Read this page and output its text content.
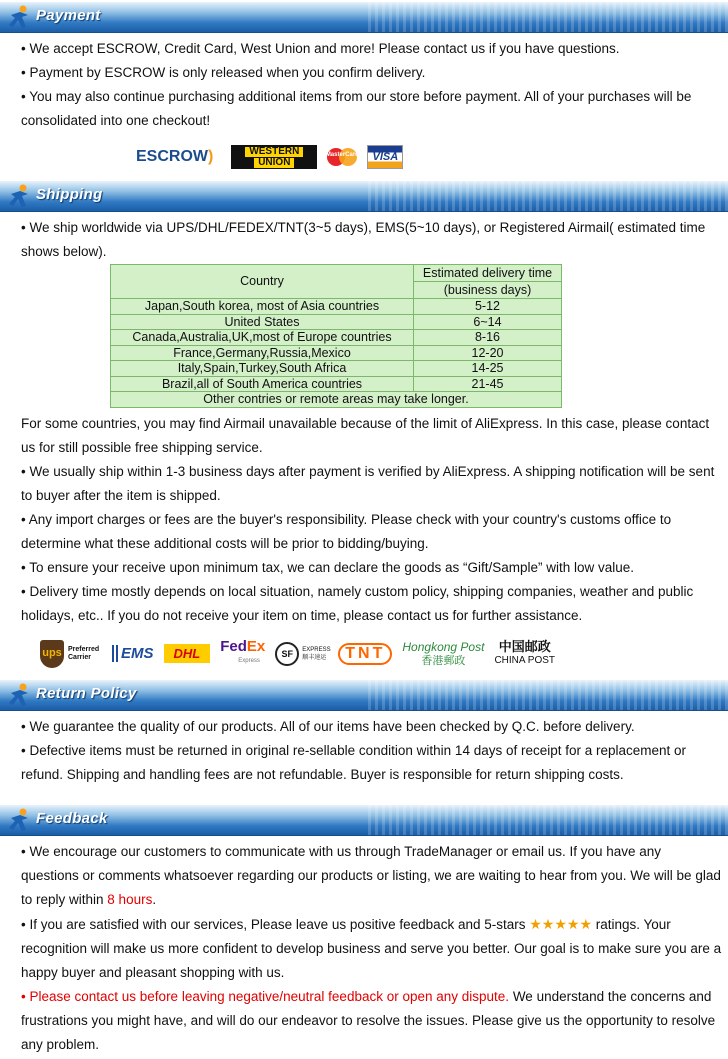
Payment

• We accept ESCROW, Credit Card, West Union and more! Please contact us if you have questions.

• Payment by ESCROW is only released when you confirm delivery.

• You may also continue purchasing additional items from our store before payment. All of your purchases will be consolidated into one checkout!

ESCROW )	WESTERN
UNION
MasterCard VISA
Shipping

• We ship worldwide via UPS/DHL/FEDEX/TNT(3~5 days), EMS(5~10 days), or Registered Airmail( estimated time shows below).

Country	Estimated delivery time
	(business days)
Japan,South korea, most of Asia countries	5-12
United States	6~14
Canada,Australia,UK,most of Europe countries	8-16
France,Germany,Russia,Mexico	12-20
Italy,Spain,Turkey,South Africa	14-25
Brazil,all of South America countries	21-45
Other contries or remote areas may take longer.	

For some countries, you may find Airmail unavailable because of the limit of AliExpress. In this case, please contact us for still possible free shipping service.

• We usually ship within 1-3 business days after payment is verified by AliExpress. A shipping notification will be sent to buyer after the item is shipped.

• Any import charges or fees are the buyer's responsibility. Please check with your country's customs office to determine what these additional costs will be prior to bidding/buying.

• To ensure your receive upon minimum tax, we can declare the goods as “Gift/Sample” with low value.

• Delivery time mostly depends on local situation, namely custom policy, shipping companies, weather and public holidays, etc.. If you do not receive your item on time, please contact us for further assistance.

ups Preferred Carrier	EMS	DHL	FedEx
Express
SF	EXPRESS 顺丰速运	TNT	Hongkong Post
香港郵政
中国邮政
CHINA POST
Return Policy

• We guarantee the quality of our products. All of our items have been checked by Q.C. before delivery.

• Defective items must be returned in original re-sellable condition within 14 days of receipt for a replacement or refund. Shipping and handling fees are not refundable. Buyer is responsible for return shipping costs.

Feedback

• We encourage our customers to communicate with us through TradeManager or email us. If you have any questions or comments whatsoever regarding our products or listing, we are waiting to hear from you. We will be glad to reply within 8 hours.

• If you are satisfied with our services, Please leave us positive feedback and 5-stars ★★★★★ ratings. Your recognition will make us more confident to develop business and serve you better. Our goal is to make sure you are a happy buyer and pleasant shopping with us.

• Please contact us before leaving negative/neutral feedback or open any dispute. We understand the concerns and frustrations you might have, and will do our endeavor to resolve the issues. Please give us the opportunity to resolve any problem.
